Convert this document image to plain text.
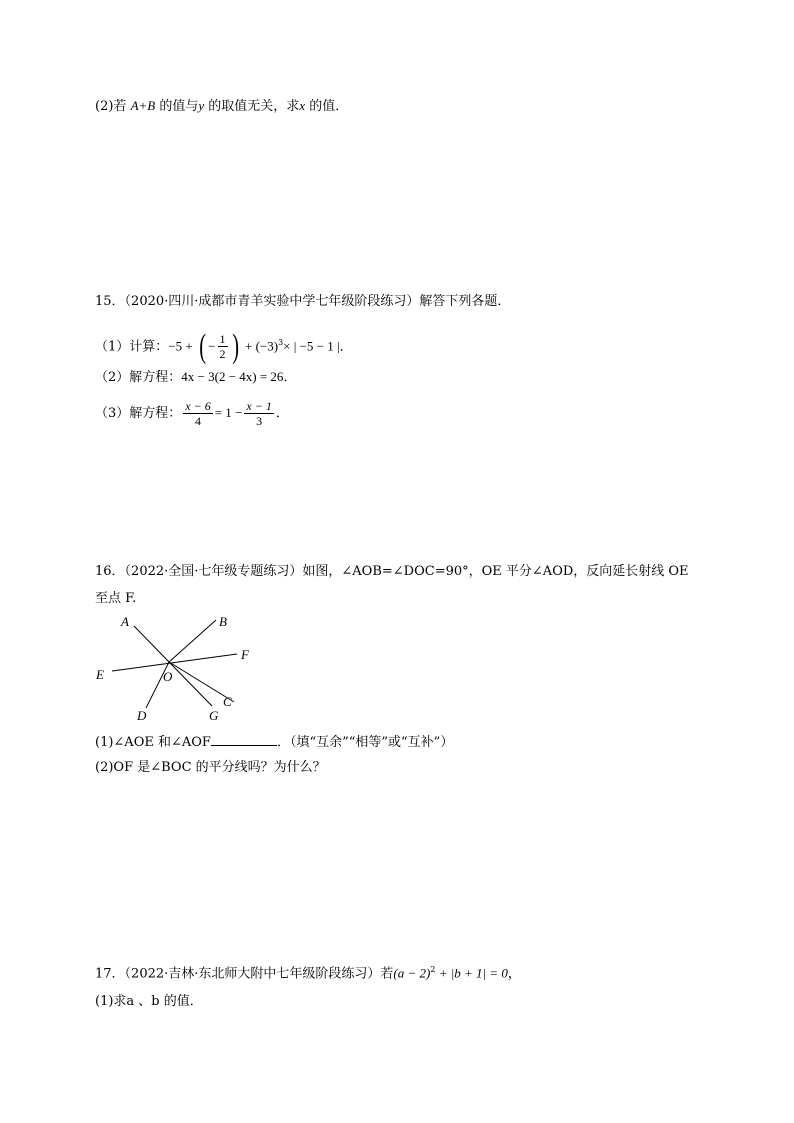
(2)若 A+B 的值与y 的取值无关，求x 的值．
15．（2020·四川·成都市青羊实验中学七年级阶段练习）解答下列各题．
（1）计算：−5 + ( − $\frac{1}{2}$ ) + $(-3)^3\times$ | −5 − 1 |．
（2）解方程：4x − 3(2 − 4x) = 26．
（3）解方程： $\frac{x - 6}{4} = 1 - \frac{x - 1}{3}$ ．
16．（2022·全国·七年级专题练习）如图，∠AOB=∠DOC=90°，OE 平分∠AOD，反向延长射线 OE
至点 F.
A	B
F
E	O
C
D	G
(1)∠AOE 和∠AOF	．（填“互余”“相等”或“互补”）
(2)OF 是∠BOC 的平分线吗？为什么？
17．（2022·吉林·东北师大附中七年级阶段练习）若$(a - 2)^2 + |b + 1| = 0$，
(1)求a 、b 的值．
